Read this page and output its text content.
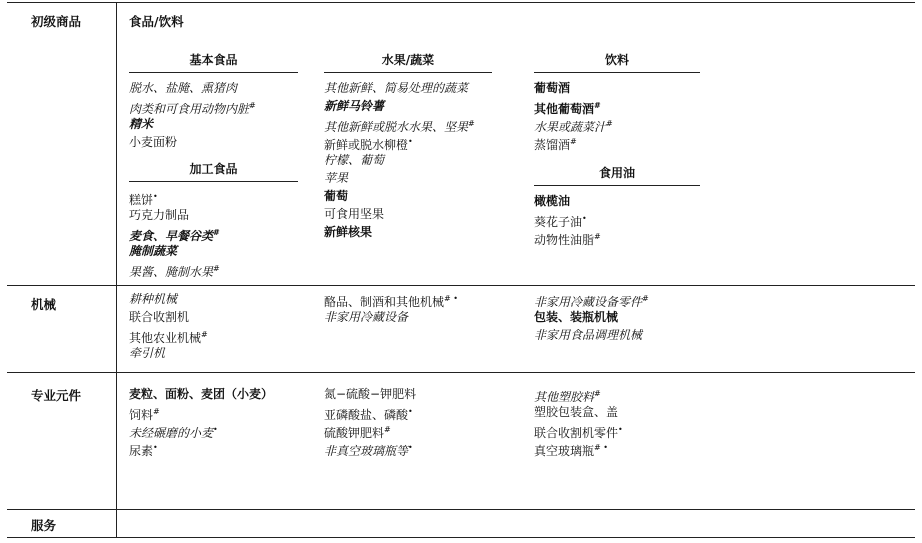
初级商品
机械
专业元件
服务
食品/饮料
基本食品
脱水、盐腌、熏猪肉
肉类和可食用动物内脏#
精米
小麦面粉
加工食品
糕饼•
巧克力制品
麦食、早餐谷类#
腌制蔬菜
果酱、腌制水果#
水果/蔬菜
其他新鲜、简易处理的蔬菜
新鲜马铃薯
其他新鲜或脱水水果、坚果#
新鲜或脱水柳橙•
柠檬、葡萄
苹果
葡萄
可食用坚果
新鲜核果
饮料
葡萄酒
其他葡萄酒#
水果或蔬菜汁#
蒸馏酒#
食用油
橄榄油
葵花子油•
动物性油脂#
耕种机械
联合收割机
其他农业机械#
牵引机
酪品、制酒和其他机械# •
非家用冷藏设备
非家用冷藏设备零件#
包装、装瓶机械
非家用食品调理机械
麦粒、面粉、麦团（小麦）
饲料#
未经碾磨的小麦•
尿素•
氮−硫酸−钾肥料
亚磷酸盐、磷酸•
硫酸钾肥料#
非真空玻璃瓶等•
其他塑胶料#
塑胶包装盒、盖
联合收割机零件•
真空玻璃瓶# •
